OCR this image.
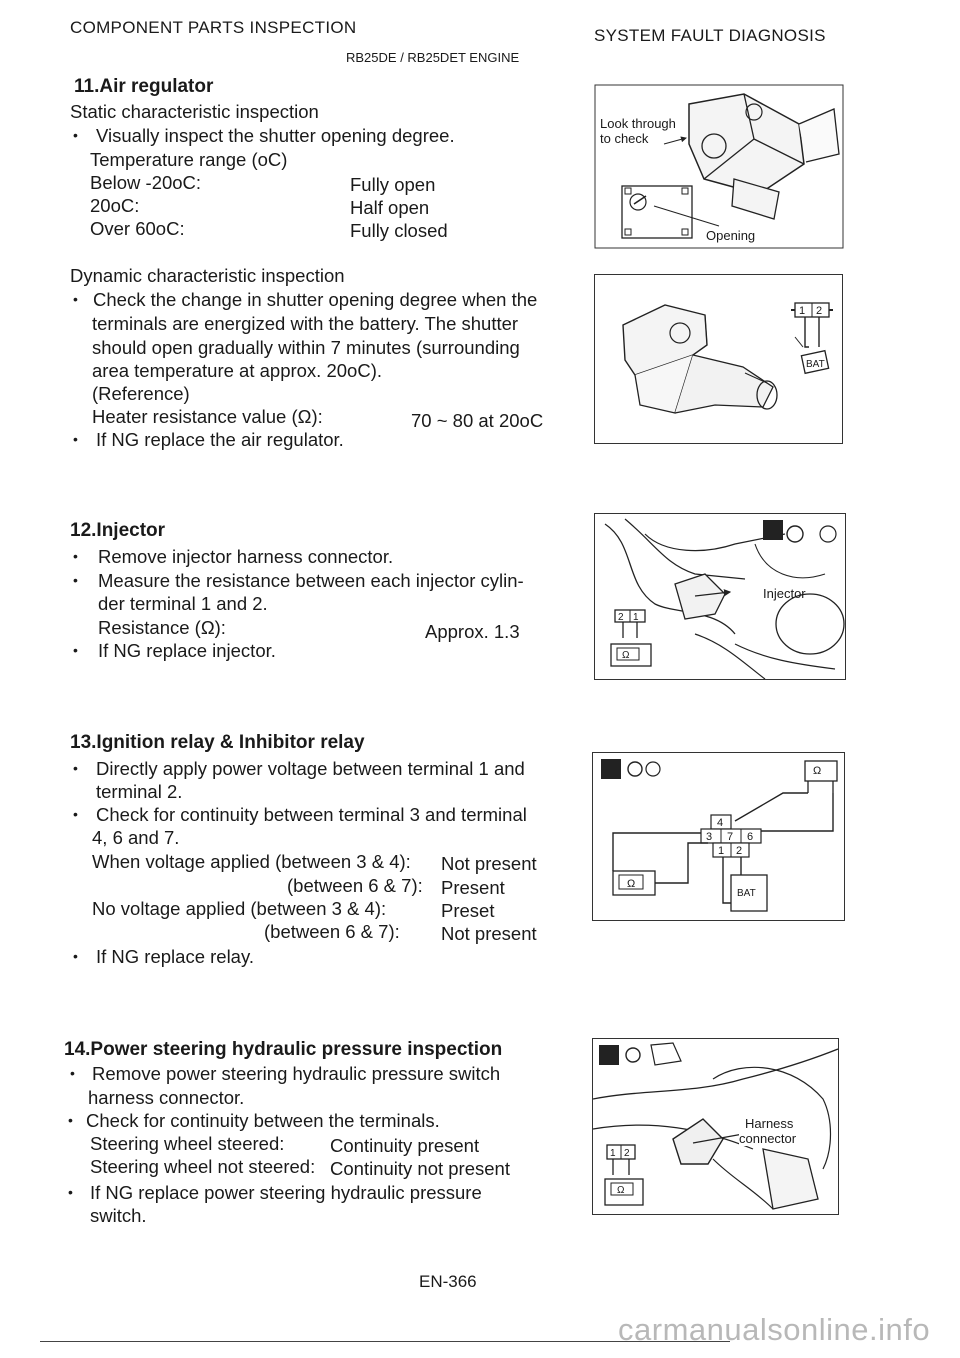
COMPONENT PARTS INSPECTION	SYSTEM FAULT DIAGNOSIS
RB25DE / RB25DET ENGINE
11.Air regulator
Static characteristic inspection
• Visually inspect the shutter opening degree.
Temperature range (oC)
Below -20oC:	Fully open
20oC:	Half open
Over 60oC:	Fully closed
Dynamic characteristic inspection
• Check the change in shutter opening degree when the
terminals are energized with the battery. The shutter
should open gradually within 7 minutes (surrounding
area temperature at approx. 20oC).
(Reference)
Heater resistance value (Ω):	70 ~ 80 at 20oC
• If NG replace the air regulator.
12.Injector
• Remove injector harness connector.
• Measure the resistance between each injector cylin-
der terminal 1 and 2.
Resistance (Ω):	Approx. 1.3
• If NG replace injector.
13.Ignition relay & Inhibitor relay
• Directly apply power voltage between terminal 1 and
terminal 2.
• Check for continuity between terminal 3 and terminal
4, 6 and 7.
When voltage applied (between 3 & 4): Not present
(between 6 & 7): Present
No voltage applied (between 3 & 4):	Preset
(between 6 & 7): Not present
• If NG replace relay.
14.Power steering hydraulic pressure inspection
• Remove power steering hydraulic pressure switch
harness connector.
• Check for continuity between the terminals.
Steering wheel steered: Continuity present
Steering wheel not steered: Continuity not present
• If NG replace power steering hydraulic pressure
switch.
Look through
to check
Opening
1 2
BAT
Injector
2 1
Ω
Ω
4
3 7 6
1 2
Ω
BAT
Harness
connector
1 2
Ω
EN-366
carmanualsonline.info
